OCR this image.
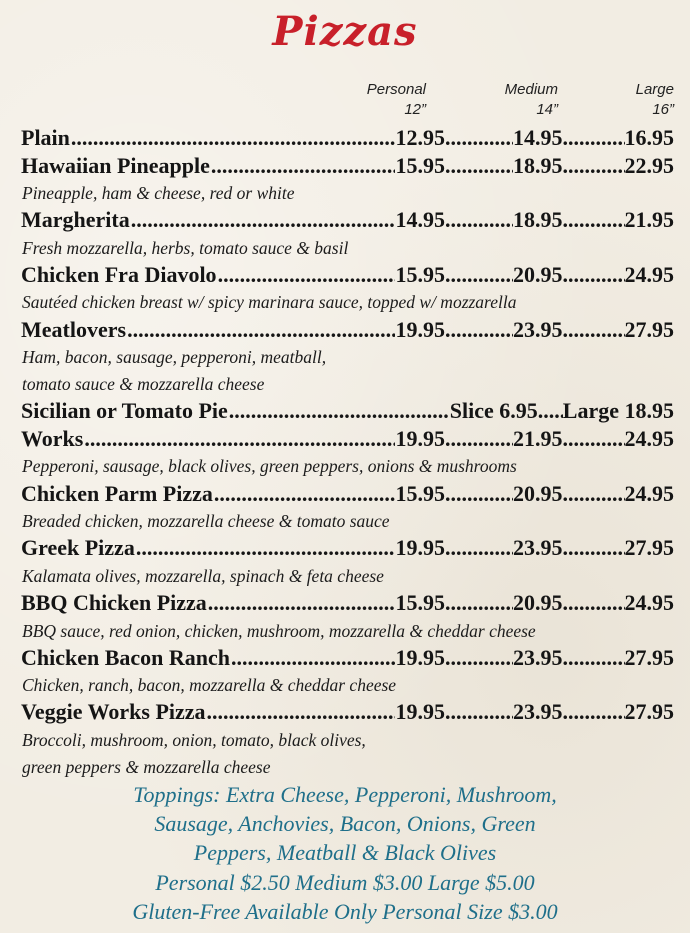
Pizzas
Personal
12”
Medium
14”
Large
16”
Plain .....	12.95 .....	14.95 .....	16.95
Hawaiian Pineapple .....	15.95 .....	18.95 .....	22.95
Pineapple, ham & cheese, red or white
Margherita .....	14.95 .....	18.95 .....	21.95
Fresh mozzarella, herbs, tomato sauce & basil
Chicken Fra Diavolo .....	15.95 .....	20.95 .....	24.95
Sautéed chicken breast w/ spicy marinara sauce, topped w/ mozzarella
Meatlovers .....	19.95 .....	23.95 .....	27.95
Ham, bacon, sausage, pepperoni, meatball,
tomato sauce & mozzarella cheese
Sicilian or Tomato Pie .....	Slice 6.95 ..... Large 18.95
Works .....	19.95 .....	21.95 .....	24.95
Pepperoni, sausage, black olives, green peppers, onions & mushrooms
Chicken Parm Pizza .....	15.95 .....	20.95 .....	24.95
Breaded chicken, mozzarella cheese & tomato sauce
Greek Pizza .....	19.95 .....	23.95 .....	27.95
Kalamata olives, mozzarella, spinach & feta cheese
BBQ Chicken Pizza .....	15.95 .....	20.95 .....	24.95
BBQ sauce, red onion, chicken, mushroom, mozzarella & cheddar cheese
Chicken Bacon Ranch .....	19.95 .....	23.95 .....	27.95
Chicken, ranch, bacon, mozzarella & cheddar cheese
Veggie Works Pizza .....	19.95 .....	23.95 .....	27.95
Broccoli, mushroom, onion, tomato, black olives,
green peppers & mozzarella cheese
Toppings: Extra Cheese, Pepperoni, Mushroom,
Sausage, Anchovies, Bacon, Onions, Green
Peppers, Meatball & Black Olives
Personal $2.50 Medium $3.00 Large $5.00
Gluten-Free Available Only Personal Size $3.00
